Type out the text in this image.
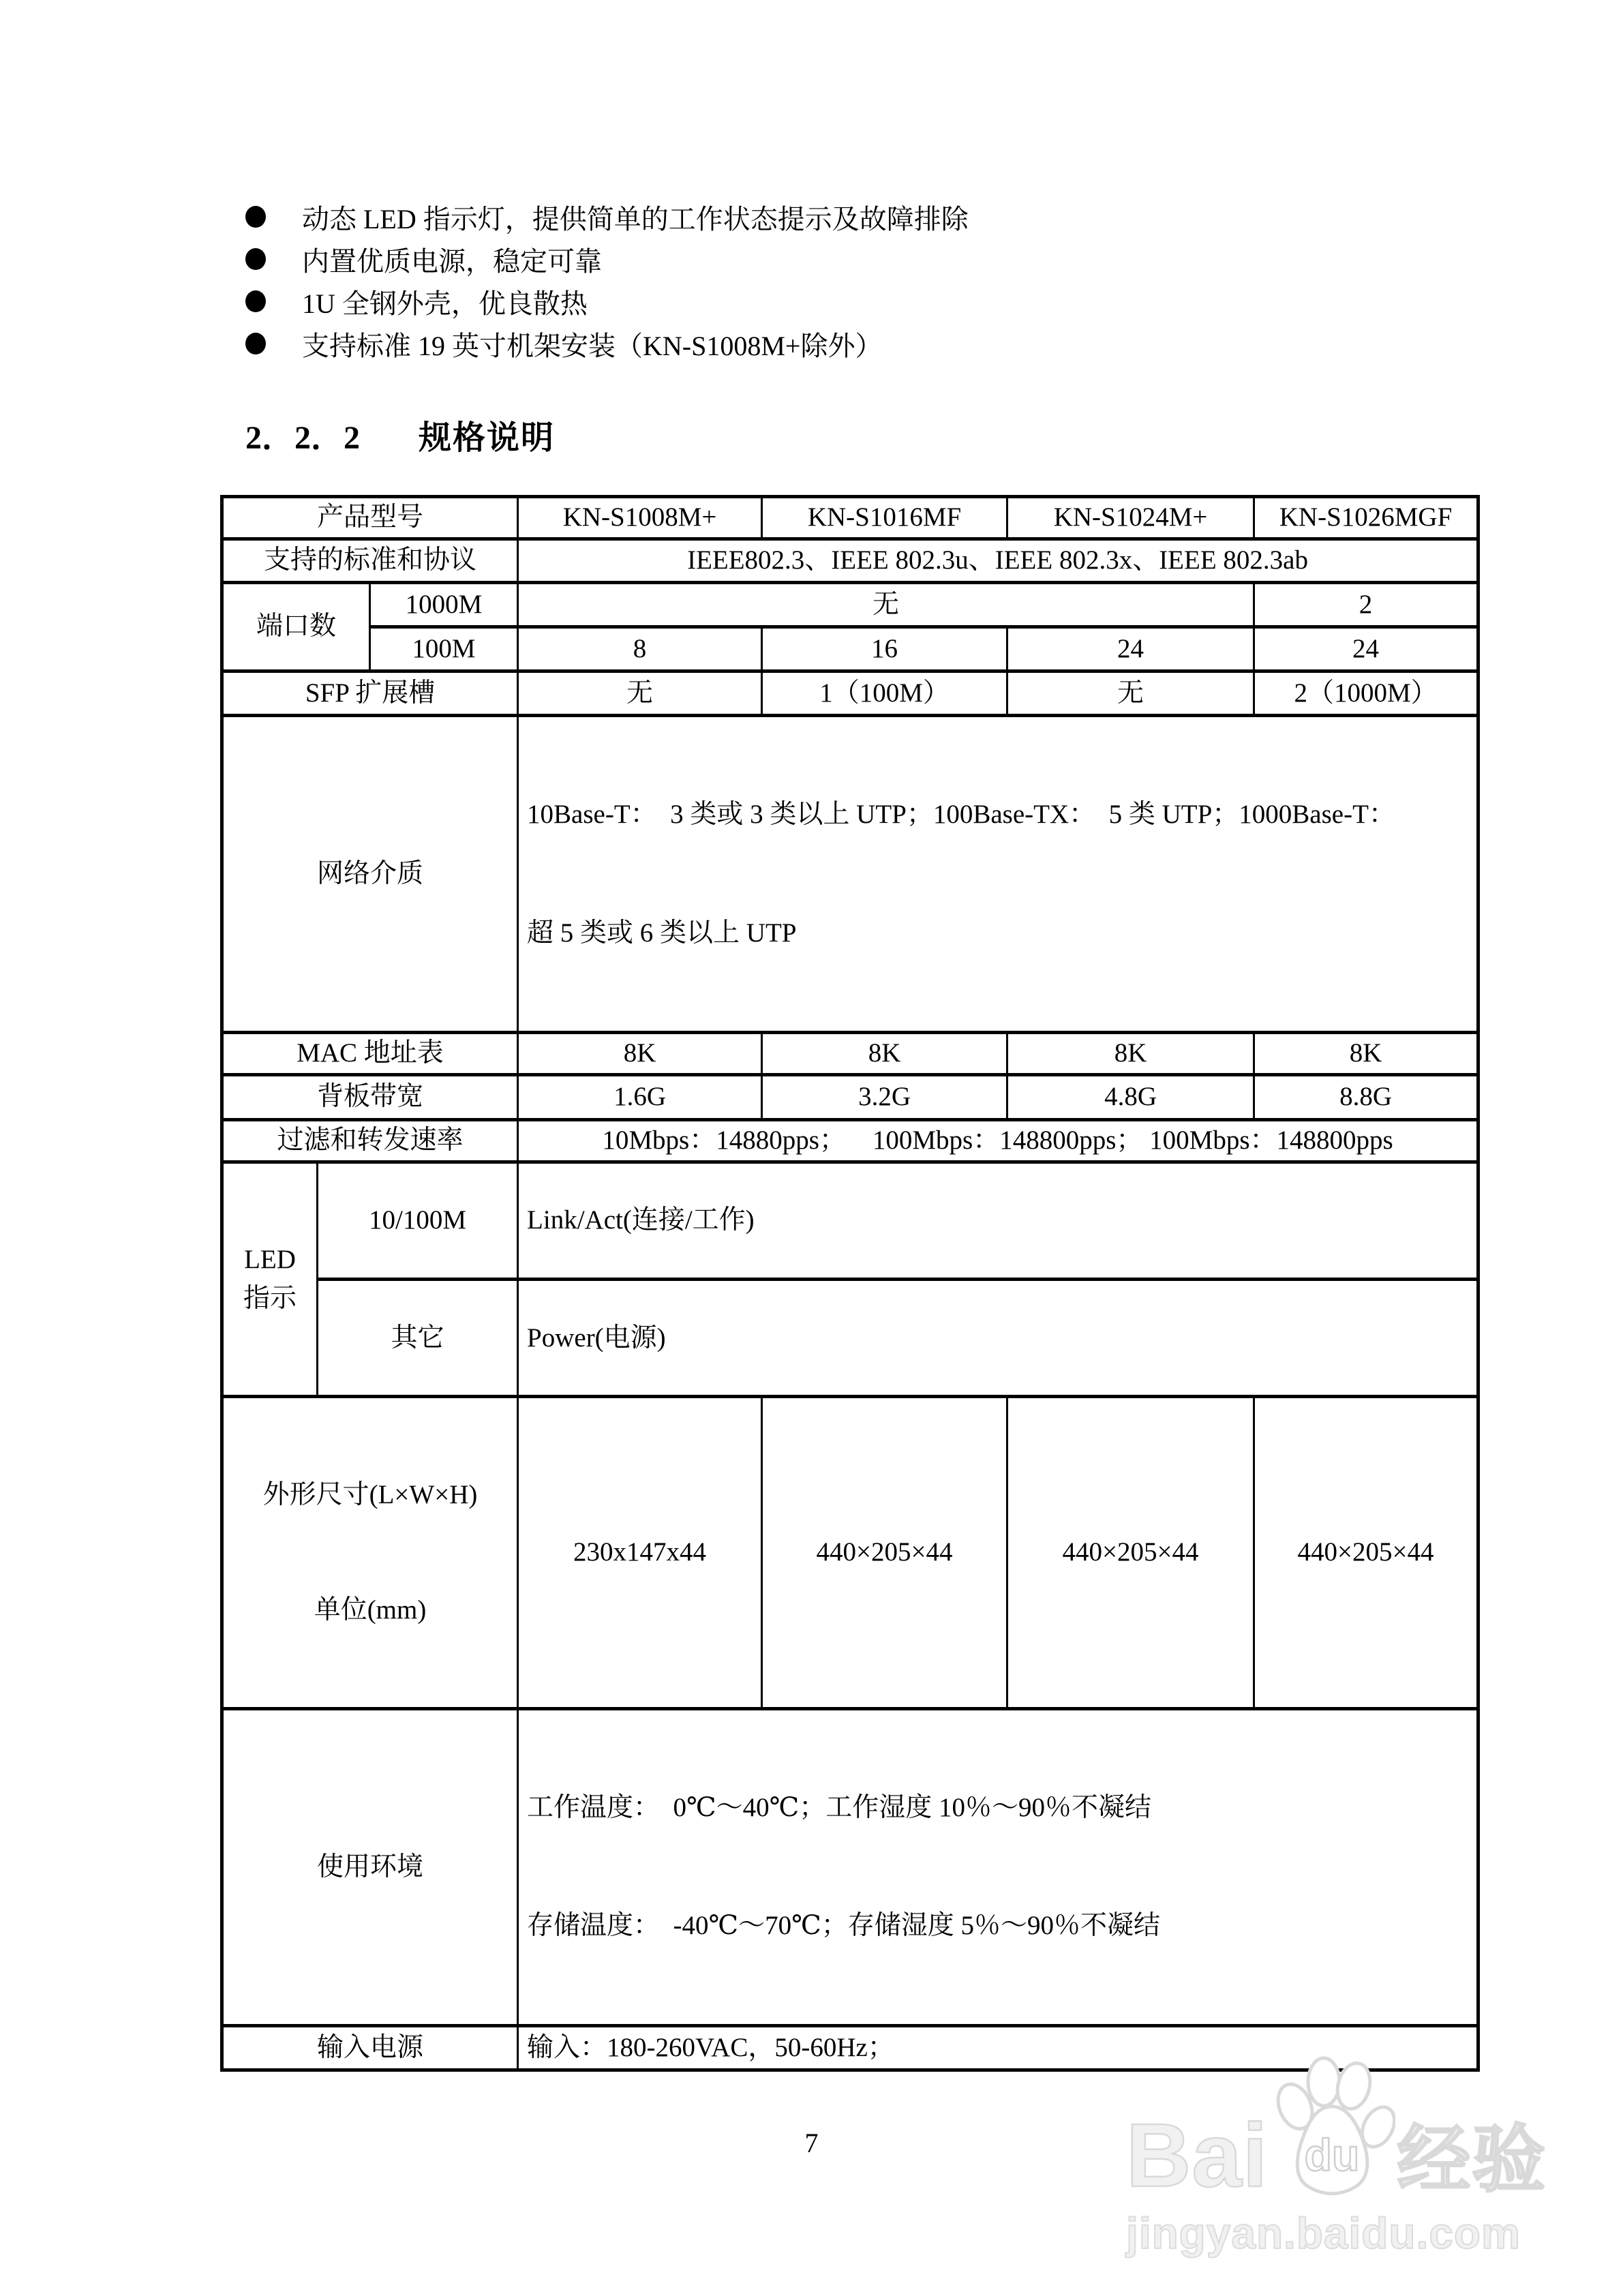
动态 LED 指示灯，提供简单的工作状态提示及故障排除
内置优质电源，稳定可靠
1U 全钢外壳，优良散热
支持标准 19 英寸机架安装（KN-S1008M+除外）
2．2．2 规格说明
产品型号			KN-S1008M+	KN-S1016MF	KN-S1024M+	KN-S1026MGF
支持的标准和协议			IEEE802.3、IEEE 802.3u、IEEE 802.3x、IEEE 802.3ab			
端口数		1000M	无			2
		100M	8	16	24	24
SFP 扩展槽			无	1（100M）	无	2（1000M）
网络介质			10Base-T：  3 类或 3 类以上 UTP；100Base-TX：  5 类 UTP；1000Base-T：

超 5 类或 6 类以上 UTP			

MAC 地址表			8K	8K	8K	8K
背板带宽			1.6G	3.2G	4.8G	8.8G
过滤和转发速率			10Mbps：14880pps；    100Mbps：148800pps； 100Mbps：148800pps			

LED
指示	10/100M		Link/Act(连接/工作)			
	其它		Power(电源)			

外形尺寸(L×W×H)

单位(mm)			230x147x44	440×205×44	440×205×44	440×205×44
使用环境			工作温度：  0℃～40℃；工作湿度 10％～90％不凝结

存储温度：  -40℃～70℃；存储湿度 5％～90％不凝结			

输入电源			输入：180-260VAC，50-60Hz；			
7	Bai du 经验
jingyan.baidu.com
